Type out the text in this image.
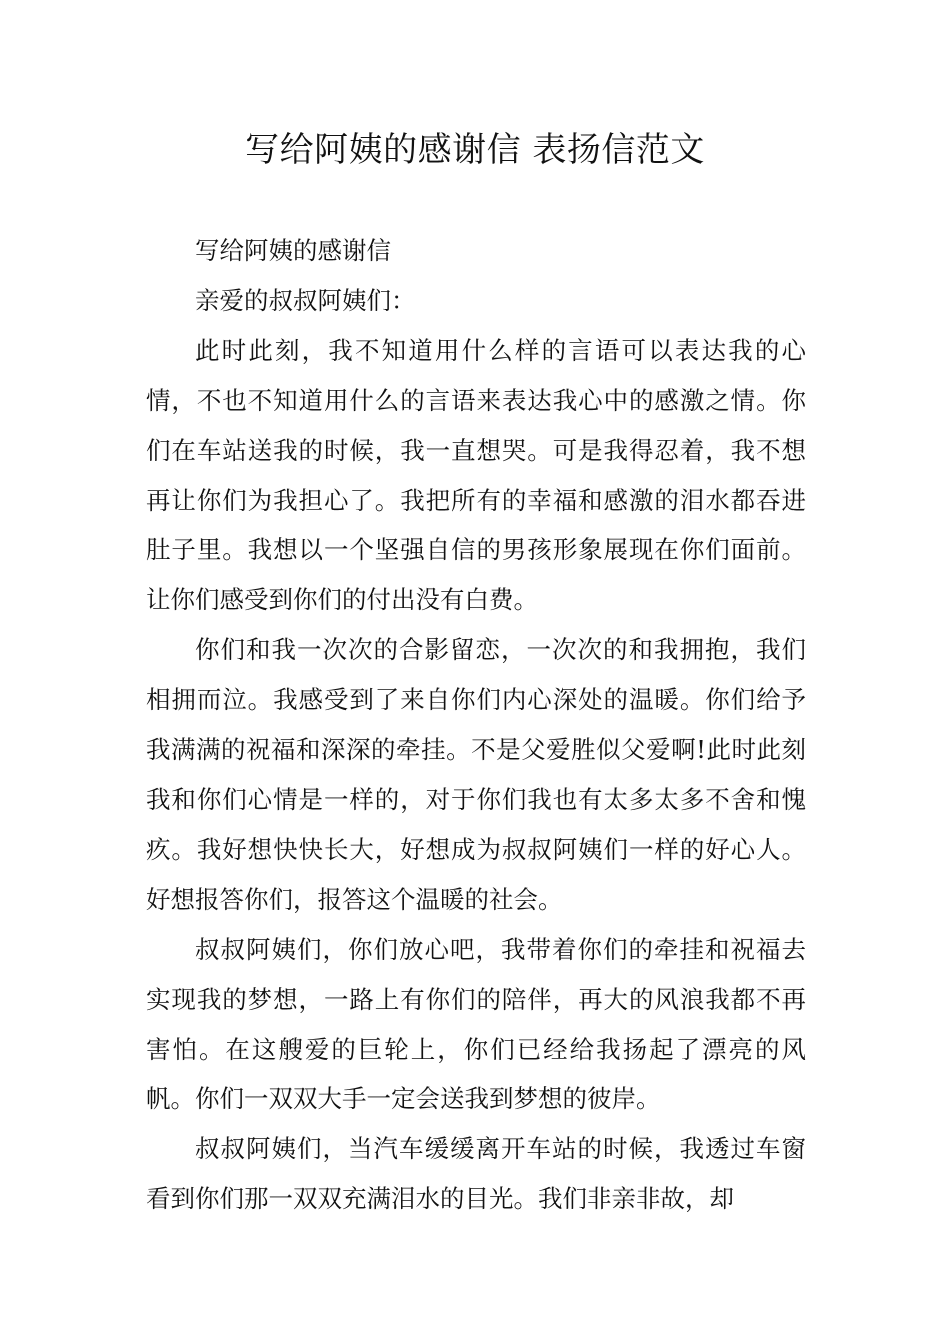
写给阿姨的感谢信 表扬信范文

写给阿姨的感谢信

亲爱的叔叔阿姨们：

此时此刻，我不知道用什么样的言语可以表达我的心情，不也不知道用什么的言语来表达我心中的感激之情。你们在车站送我的时候，我一直想哭。可是我得忍着，我不想再让你们为我担心了。我把所有的幸福和感激的泪水都吞进肚子里。我想以一个坚强自信的男孩形象展现在你们面前。让你们感受到你们的付出没有白费。

你们和我一次次的合影留恋，一次次的和我拥抱，我们相拥而泣。我感受到了来自你们内心深处的温暖。你们给予我满满的祝福和深深的牵挂。不是父爱胜似父爱啊!此时此刻我和你们心情是一样的，对于你们我也有太多太多不舍和愧疚。我好想快快长大，好想成为叔叔阿姨们一样的好心人。好想报答你们，报答这个温暖的社会。

叔叔阿姨们，你们放心吧，我带着你们的牵挂和祝福去实现我的梦想，一路上有你们的陪伴，再大的风浪我都不再害怕。在这艘爱的巨轮上，你们已经给我扬起了漂亮的风帆。你们一双双大手一定会送我到梦想的彼岸。

叔叔阿姨们，当汽车缓缓离开车站的时候，我透过车窗看到你们那一双双充满泪水的目光。我们非亲非故，却
